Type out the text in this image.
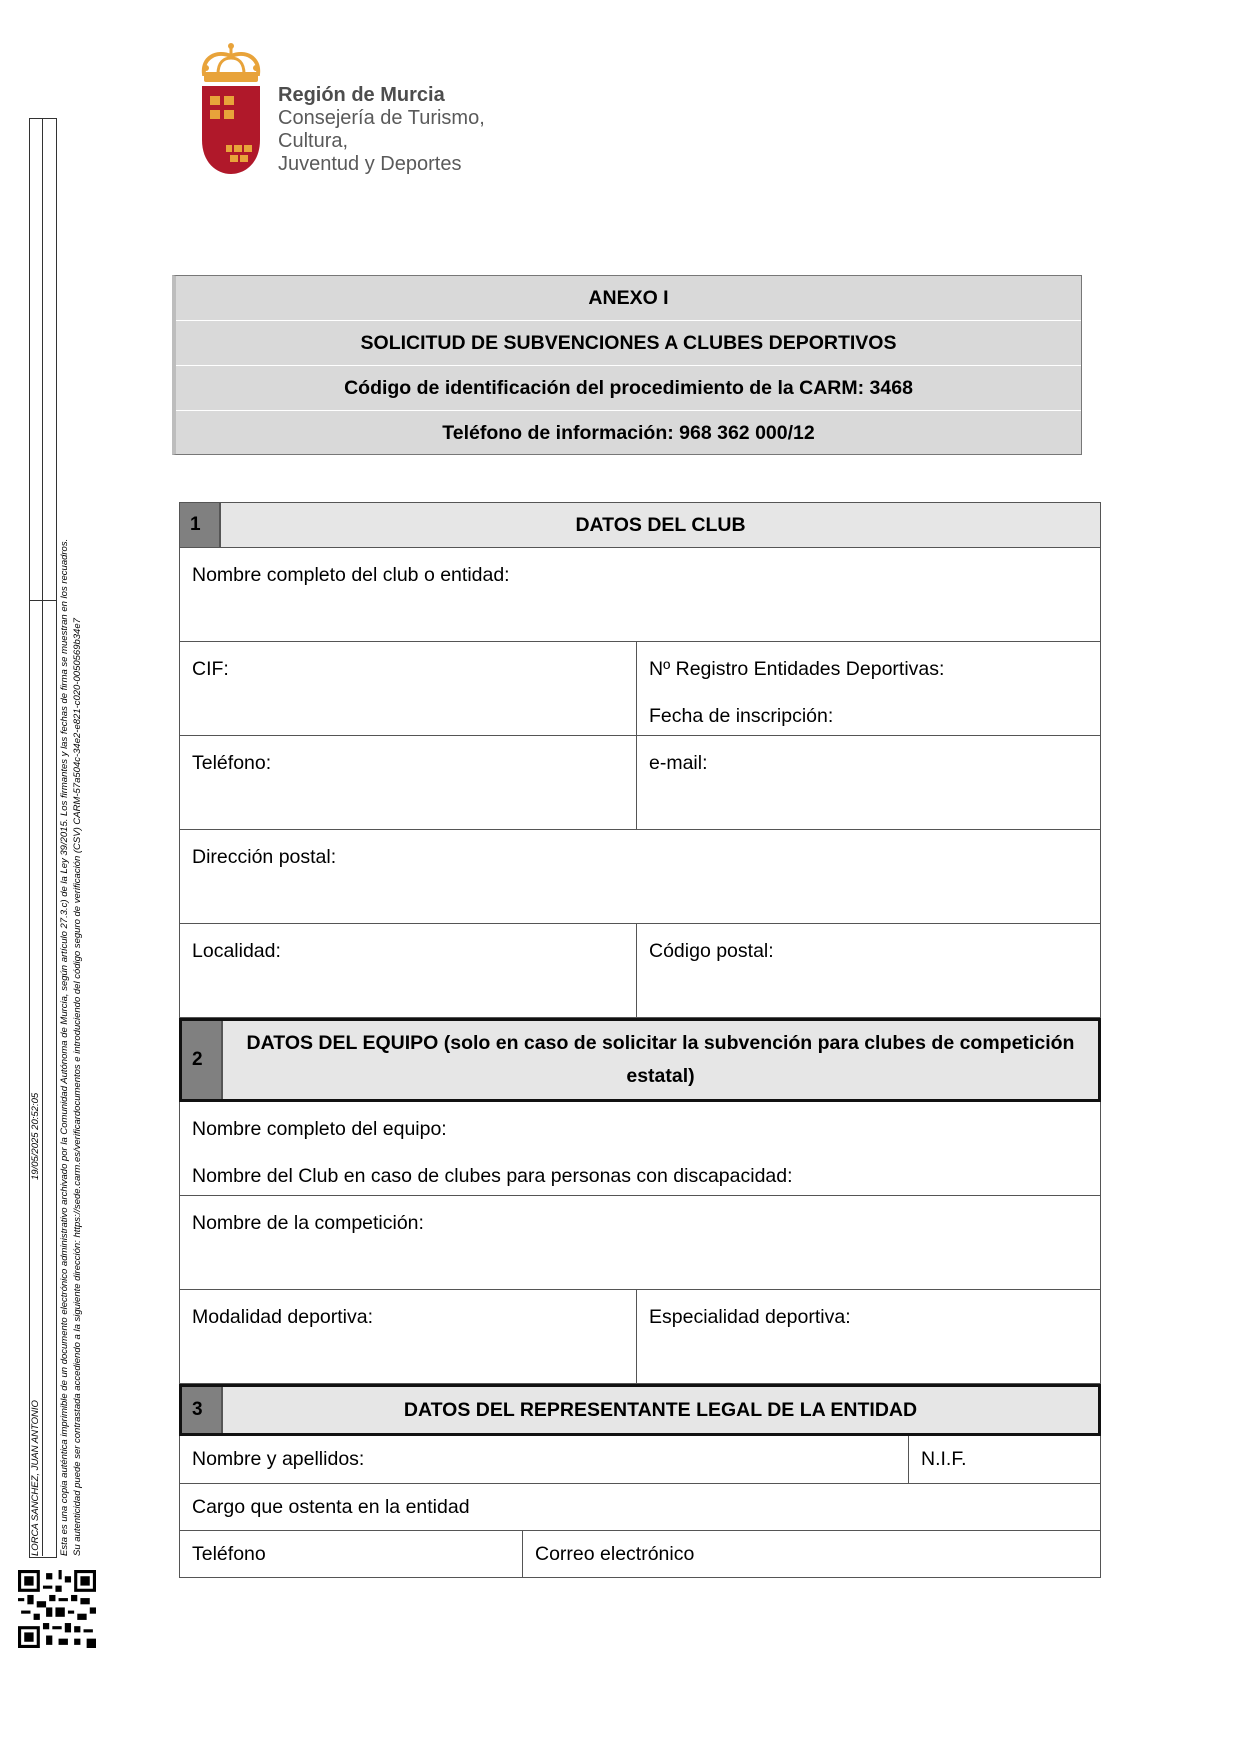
Región de Murcia
Consejería de Turismo, Cultura,
Juventud y Deportes
LORCA SANCHEZ, JUAN ANTONIO
19/05/2025 20:52:05 Esta es una copia auténtica imprimible de un documento electrónico administrativo archivado por la Comunidad Autónoma de Murcia, según artículo 27.3.c) de la Ley 39/2015. Los firmantes y las fechas de firma se muestran en los recuadros. Su autenticidad puede ser contrastada accediendo a la siguiente dirección: https://sede.carm.es/verificardocumentos e introduciendo del código seguro de verificación (CSV) CARM-57a504c-34e2-e821-c020-0050569b34e7
ANEXO I
SOLICITUD DE SUBVENCIONES A CLUBES DEPORTIVOS
Código de identificación del procedimiento de la CARM: 3468
Teléfono de información: 968 362 000/12
1	DATOS DEL CLUB
Nombre completo del club o entidad:
CIF:	Nº Registro Entidades Deportivas:
Fecha de inscripción:
Teléfono:	e-mail:
Dirección postal:
Localidad:	Código postal:
2
DATOS DEL EQUIPO (solo en caso de solicitar la subvención para clubes de competición estatal)
Nombre completo del equipo:
Nombre del Club en caso de clubes para personas con discapacidad:
Nombre de la competición:
Modalidad deportiva:	Especialidad deportiva:
3	DATOS DEL REPRESENTANTE LEGAL DE LA ENTIDAD
Nombre y apellidos:	N.I.F.
Cargo que ostenta en la entidad
Teléfono	Correo electrónico
